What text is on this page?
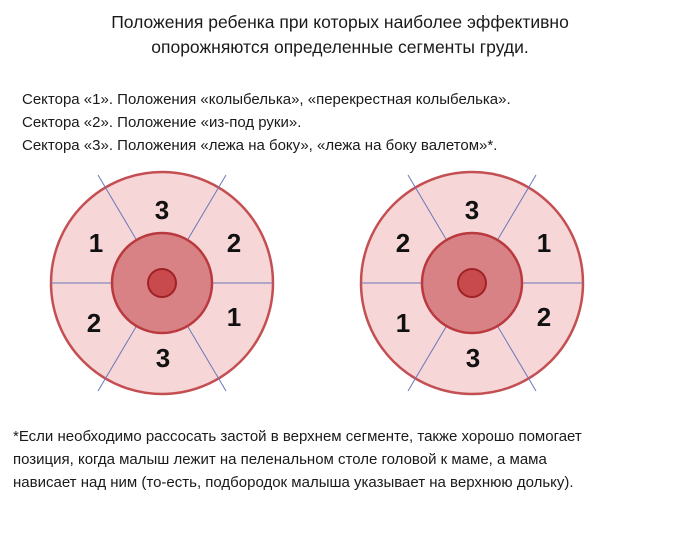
Положения ребенка при которых наиболее эффективно
опорожняются определенные сегменты груди.
Сектора «1». Положения «колыбелька», «перекрестная колыбелька».
Сектора «2». Положение «из-под руки».
Сектора «3». Положения «лежа на боку», «лежа на боку валетом»*.
3
1	2
2	1
3
3
2	1
1	2
3
*Если необходимо рассосать застой в верхнем сегменте, также хорошо помогает
позиция, когда малыш лежит на пеленальном столе головой к маме, а мама
нависает над ним (то-есть, подбородок малыша указывает на верхнюю дольку).
